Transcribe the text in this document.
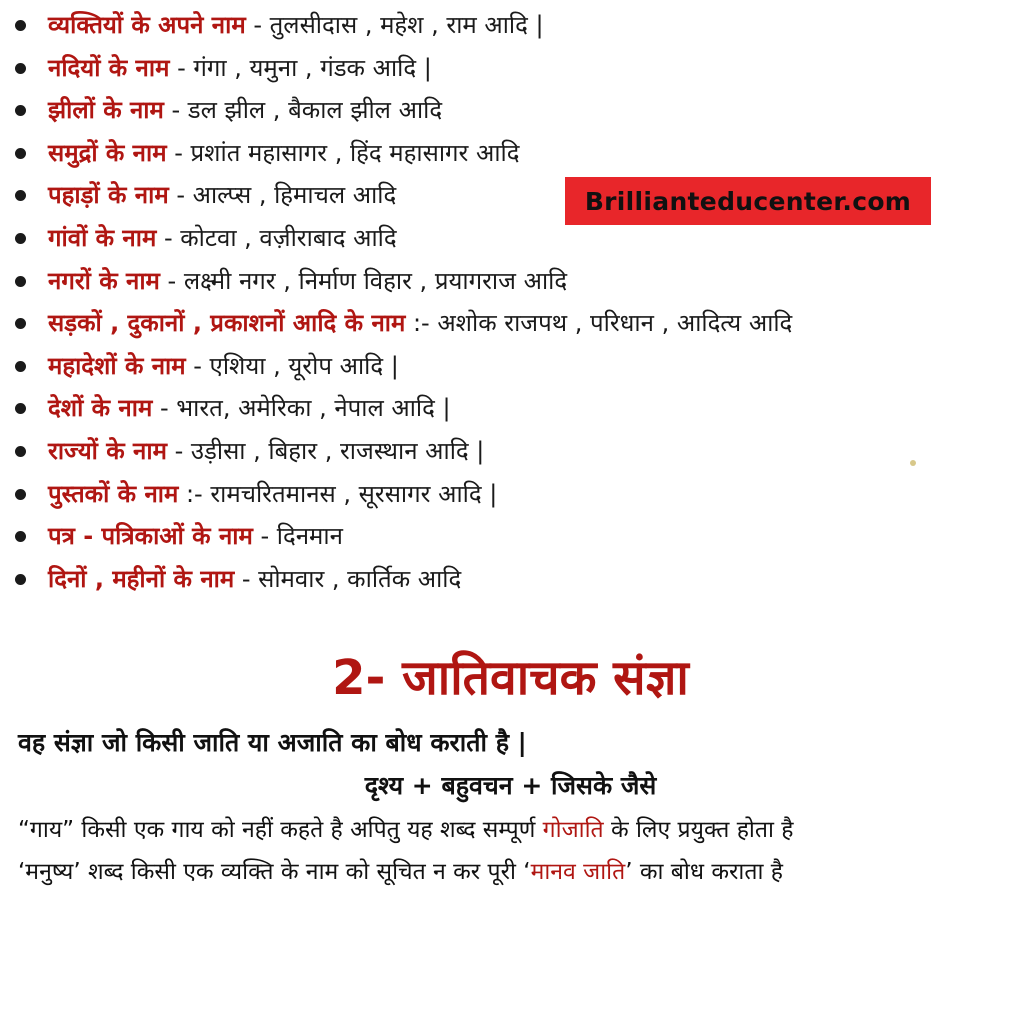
व्यक्तियों के अपने नाम - तुलसीदास , महेश , राम आदि |
नदियों के नाम - गंगा , यमुना , गंडक आदि |
झीलों के नाम - डल झील , बैकाल झील आदि
समुद्रों के नाम - प्रशांत महासागर , हिंद महासागर आदि
पहाड़ों के नाम - आल्प्स , हिमाचल आदि
गांवों के नाम - कोटवा , वज़ीराबाद आदि
नगरों के नाम - लक्ष्मी नगर , निर्माण विहार , प्रयागराज आदि
सड़कों , दुकानों , प्रकाशनों आदि के नाम :- अशोक राजपथ , परिधान , आदित्य आदि
महादेशों के नाम - एशिया , यूरोप आदि |
देशों के नाम - भारत, अमेरिका , नेपाल आदि |
राज्यों के नाम - उड़ीसा , बिहार , राजस्थान आदि |
पुस्तकों के नाम :- रामचरितमानस , सूरसागर आदि |
पत्र - पत्रिकाओं के नाम - दिनमान
दिनों , महीनों के नाम - सोमवार , कार्तिक आदि
Brillianteducenter.com
2- जातिवाचक संज्ञा
वह संज्ञा जो किसी जाति या अजाति का बोध कराती है |
दृश्य + बहुवचन + जिसके जैसे
“गाय” किसी एक गाय को नहीं कहते है अपितु यह शब्द सम्पूर्ण गोजाति के लिए प्रयुक्त होता है
‘मनुष्य’ शब्द किसी एक व्यक्ति के नाम को सूचित न कर पूरी ‘मानव जाति’ का बोध कराता है
